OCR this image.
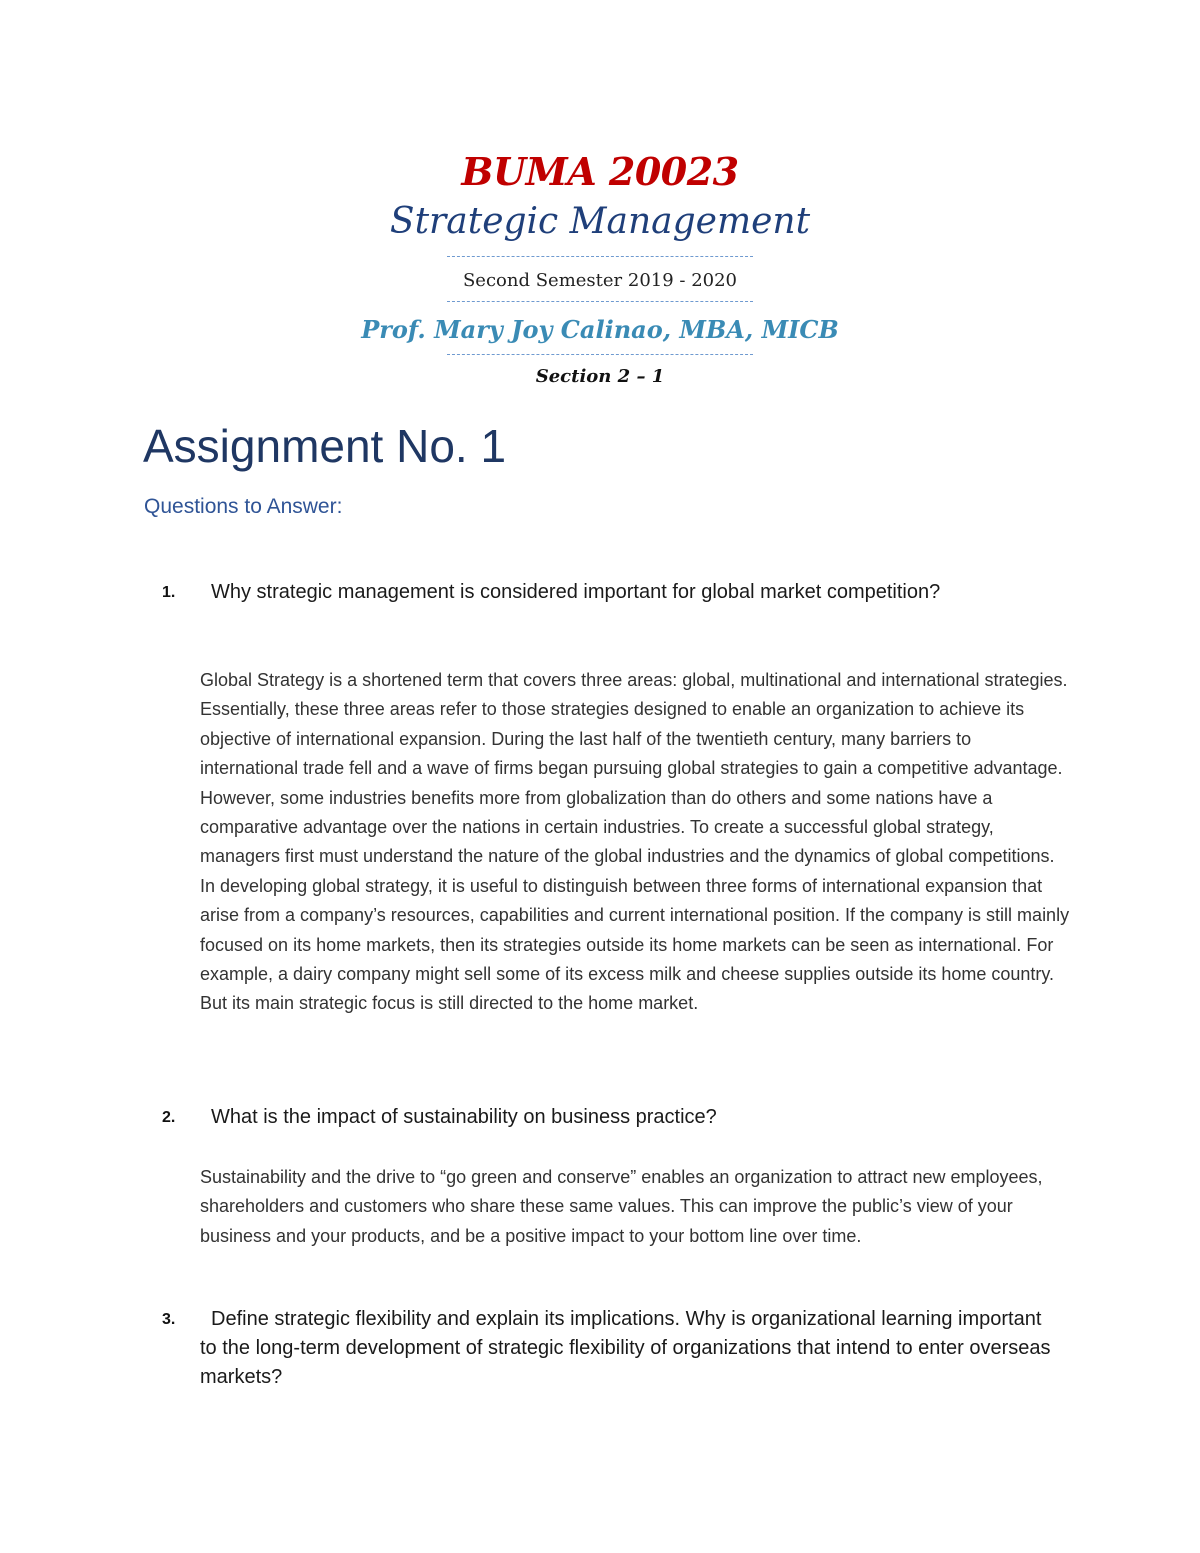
BUMA 20023
Strategic Management
Second Semester 2019 - 2020
Prof. Mary Joy Calinao, MBA, MICB
Section 2 – 1
Assignment No. 1
Questions to Answer:
1.	Why strategic management is considered important for global market competition?
Global Strategy is a shortened term that covers three areas: global, multinational and international strategies. Essentially, these three areas refer to those strategies designed to enable an organization to achieve its objective of international expansion. During the last half of the twentieth century, many barriers to international trade fell and a wave of firms began pursuing global strategies to gain a competitive advantage. However, some industries benefits more from globalization than do others and some nations have a comparative advantage over the nations in certain industries. To create a successful global strategy, managers first must understand the nature of the global industries and the dynamics of global competitions. In developing global strategy, it is useful to distinguish between three forms of international expansion that arise from a company’s resources, capabilities and current international position. If the company is still mainly focused on its home markets, then its strategies outside its home markets can be seen as international. For example, a dairy company might sell some of its excess milk and cheese supplies outside its home country. But its main strategic focus is still directed to the home market.
2.	What is the impact of sustainability on business practice?
Sustainability and the drive to “go green and conserve” enables an organization to attract new employees, shareholders and customers who share these same values. This can improve the public’s view of your business and your products, and be a positive impact to your bottom line over time.
3.	Define strategic flexibility and explain its implications. Why is organizational learning important to the long-term development of strategic flexibility of organizations that intend to enter overseas markets?
